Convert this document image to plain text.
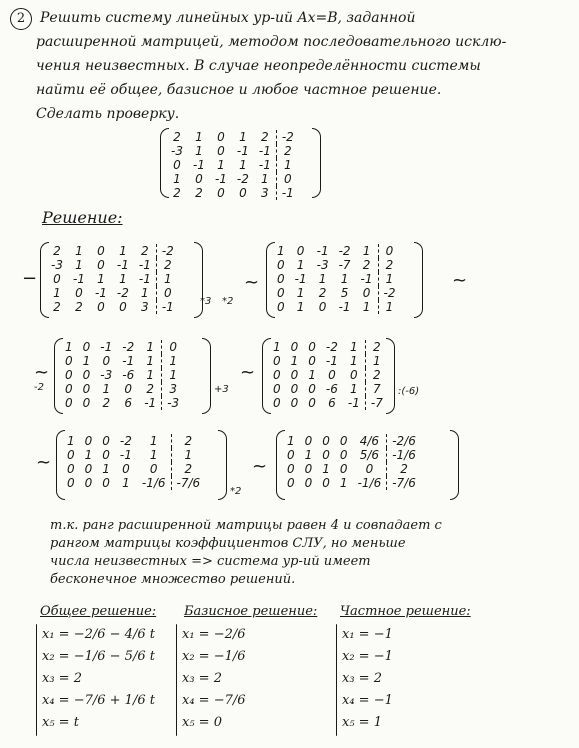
2	Решить систему линейных ур-ий Ax=B, заданной
расширенной матрицей, методом последовательного исклю-
чения неизвестных. В случае неопределённости системы
найти её общее, базисное и любое частное решение.
Сделать проверку.
2	1	0	1	2	-2
-3	1	0	-1	-1	2
0	-1	1	1	-1	1
1	0	-1	-2	1	0
2	2	0	0	3	-1
Решение:
−
2	1	0	1	2	-2
-3	1	0	-1	-1	2
0	-1	1	1	-1	1
1	0	-1	-2	1	0
2	2	0	0	3	-1	*3 *2
~
1	0	-1	-2	1	0
0	1	-3	-7	2	2
0	-1	1	1	-1	1
0	1	2	5	0	-2
0	1	0	-1	1	1
~
~
1	0	-1	-2	1	0
0	1	0	-1	1	1
0	0	-3	-6	1	1
0	0	1	0	2	3
0	0	2	6	-1	-3
-2	+3
~
1	0	0	-2	1	2
0	1	0	-1	1	1
0	0	1	0	0	2
0	0	0	-6	1	7
0	0	0	6	-1	-7
:(-6)
~
1	0	0	-2	1	2
0	1	0	-1	1	1
0	0	1	0	0	2
0	0	0	1	-1/6	-7/6
*2
~
1	0	0	0	4/6	-2/6
0	1	0	0	5/6	-1/6
0	0	1	0	0	2
0	0	0	1	-1/6	-7/6
т.к. ранг расширенной матрицы равен 4 и совпадает с
рангом матрицы коэффициентов СЛУ, но меньше
числа неизвестных => система ур-ий имеет
бесконечное множество решений.
Общее решение:
x₁ = −2/6 − 4/6 t
x₂ = −1/6 − 5/6 t
x₃ = 2
x₄ = −7/6 + 1/6 t
x₅ = t
Базисное решение:
x₁ = −2/6
x₂ = −1/6
x₃ = 2
x₄ = −7/6
x₅ = 0
Частное решение:
x₁ = −1
x₂ = −1
x₃ = 2
x₄ = −1
x₅ = 1
